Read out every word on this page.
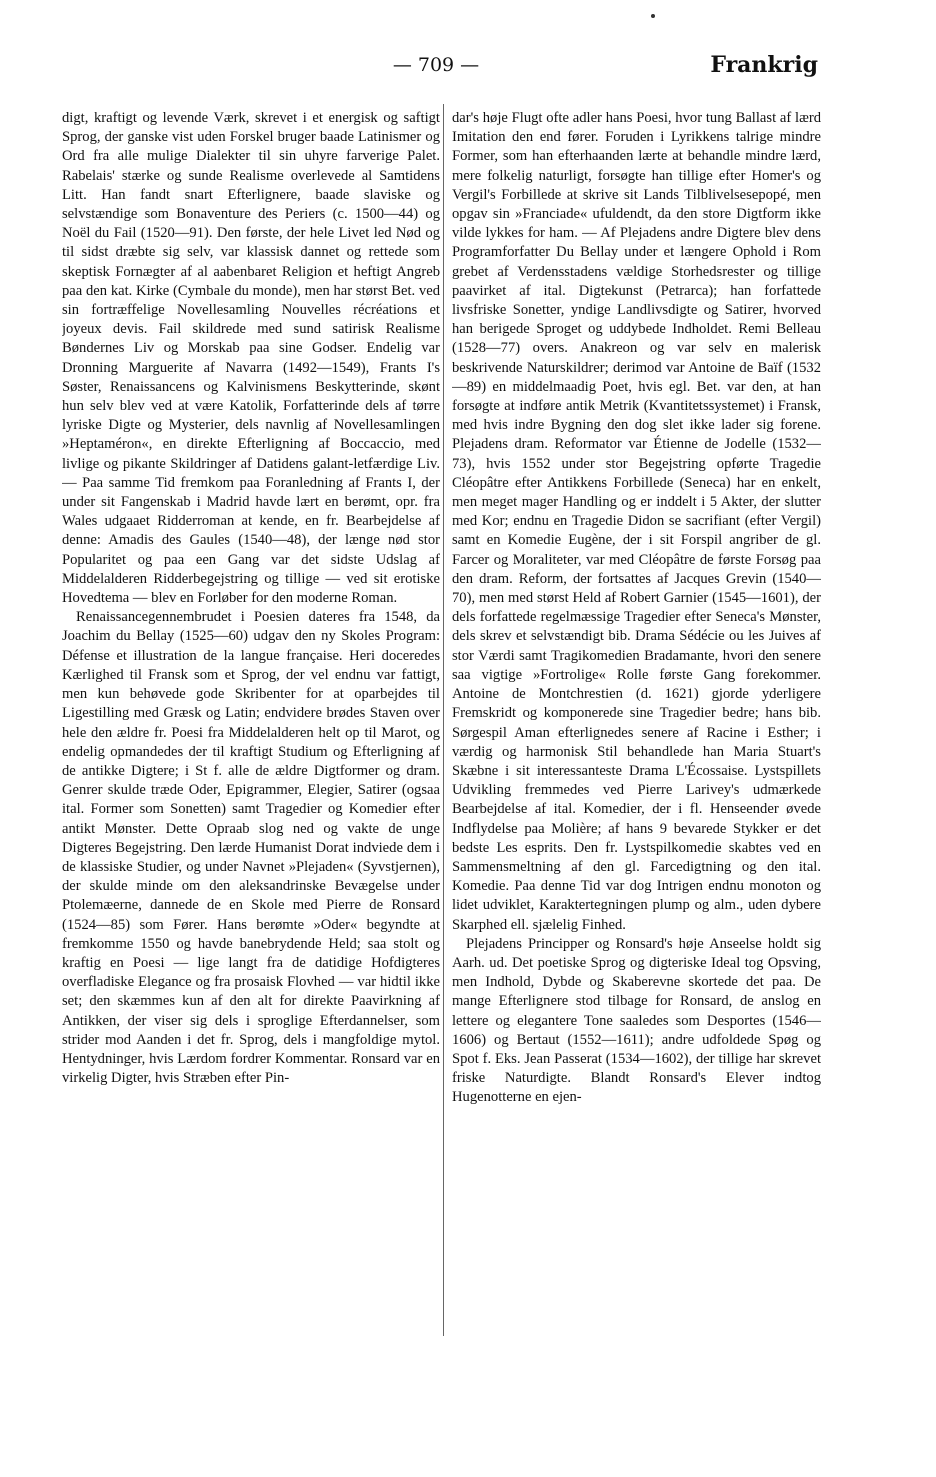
— 709 —	Frankrig

digt, kraftigt og levende Værk, skrevet i et energisk og saftigt Sprog, der ganske vist uden Forskel bruger baade Latinismer og Ord fra alle mulige Dialekter til sin uhyre farverige Palet. Rabelais' stærke og sunde Realisme overlevede al Samtidens Litt. Han fandt snart Efterlignere, baade slaviske og selvstændige som Bonaventure des Periers (c. 1500—44) og Noël du Fail (1520—91). Den første, der hele Livet led Nød og til sidst dræbte sig selv, var klassisk dannet og rettede som skeptisk Fornægter af al aabenbaret Religion et heftigt Angreb paa den kat. Kirke (Cymbale du monde), men har størst Bet. ved sin fortræffelige Novellesamling Nouvelles récréations et joyeux devis. Fail skildrede med sund satirisk Realisme Bøndernes Liv og Morskab paa sine Godser. Endelig var Dronning Marguerite af Navarra (1492—1549), Frants I's Søster, Renaissancens og Kalvinismens Beskytterinde, skønt hun selv blev ved at være Katolik, Forfatterinde dels af tørre lyriske Digte og Mysterier, dels navnlig af Novellesamlingen »Heptaméron«, en direkte Efterligning af Boccaccio, med livlige og pikante Skildringer af Datidens galant-letfærdige Liv. — Paa samme Tid fremkom paa Foranledning af Frants I, der under sit Fangenskab i Madrid havde lært en berømt, opr. fra Wales udgaaet Ridderroman at kende, en fr. Bearbejdelse af denne: Amadis des Gaules (1540—48), der længe nød stor Popularitet og paa een Gang var det sidste Udslag af Middelalderen Ridderbegejstring og tillige — ved sit erotiske Hovedtema — blev en Forløber for den moderne Roman.

Renaissancegennembrudet i Poesien dateres fra 1548, da Joachim du Bellay (1525—60) udgav den ny Skoles Program: Défense et illustration de la langue française. Heri doceredes Kærlighed til Fransk som et Sprog, der vel endnu var fattigt, men kun behøvede gode Skribenter for at oparbejdes til Ligestilling med Græsk og Latin; endvidere brødes Staven over hele den ældre fr. Poesi fra Middelalderen helt op til Marot, og endelig opmandedes der til kraftigt Studium og Efterligning af de antikke Digtere; i St f. alle de ældre Digtformer og dram. Genrer skulde træde Oder, Epigrammer, Elegier, Satirer (ogsaa ital. Former som Sonetten) samt Tragedier og Komedier efter antikt Mønster. Dette Opraab slog ned og vakte de unge Digteres Begejstring. Den lærde Humanist Dorat indviede dem i de klassiske Studier, og under Navnet »Plejaden« (Syvstjernen), der skulde minde om den aleksandrinske Bevægelse under Ptolemæerne, dannede de en Skole med Pierre de Ronsard (1524—85) som Fører. Hans berømte »Oder« begyndte at fremkomme 1550 og havde banebrydende Held; saa stolt og kraftig en Poesi — lige langt fra de datidige Hofdigteres overfladiske Elegance og fra prosaisk Flovhed — var hidtil ikke set; den skæmmes kun af den alt for direkte Paavirkning af Antikken, der viser sig dels i sproglige Efterdannelser, som strider mod Aanden i det fr. Sprog, dels i mangfoldige mytol. Hentydninger, hvis Lærdom fordrer Kommentar. Ronsard var en virkelig Digter, hvis Stræben efter Pin-

dar's høje Flugt ofte adler hans Poesi, hvor tung Ballast af lærd Imitation den end fører. Foruden i Lyrikkens talrige mindre Former, som han efterhaanden lærte at behandle mindre lærd, mere folkelig naturligt, forsøgte han tillige efter Homer's og Vergil's Forbillede at skrive sit Lands Tilblivelsesepopé, men opgav sin »Franciade« ufuldendt, da den store Digtform ikke vilde lykkes for ham. — Af Plejadens andre Digtere blev dens Programforfatter Du Bellay under et længere Ophold i Rom grebet af Verdensstadens vældige Storhedsrester og tillige paavirket af ital. Digtekunst (Petrarca); han forfattede livsfriske Sonetter, yndige Landlivsdigte og Satirer, hvorved han berigede Sproget og uddybede Indholdet. Remi Belleau (1528—77) overs. Anakreon og var selv en malerisk beskrivende Naturskildrer; derimod var Antoine de Baïf (1532—89) en middelmaadig Poet, hvis egl. Bet. var den, at han forsøgte at indføre antik Metrik (Kvantitetssystemet) i Fransk, med hvis indre Bygning den dog slet ikke lader sig forene. Plejadens dram. Reformator var Étienne de Jodelle (1532—73), hvis 1552 under stor Begejstring opførte Tragedie Cléopâtre efter Antikkens Forbillede (Seneca) har en enkelt, men meget mager Handling og er inddelt i 5 Akter, der slutter med Kor; endnu en Tragedie Didon se sacrifiant (efter Vergil) samt en Komedie Eugène, der i sit Forspil angriber de gl. Farcer og Moraliteter, var med Cléopâtre de første Forsøg paa den dram. Reform, der fortsattes af Jacques Grevin (1540—70), men med størst Held af Robert Garnier (1545—1601), der dels forfattede regelmæssige Tragedier efter Seneca's Mønster, dels skrev et selvstændigt bib. Drama Sédécie ou les Juives af stor Værdi samt Tragikomedien Bradamante, hvori den senere saa vigtige »Fortrolige« Rolle første Gang forekommer. Antoine de Montchrestien (d. 1621) gjorde yderligere Fremskridt og komponerede sine Tragedier bedre; hans bib. Sørgespil Aman efterlignedes senere af Racine i Esther; i værdig og harmonisk Stil behandlede han Maria Stuart's Skæbne i sit interessanteste Drama L'Écossaise. Lystspillets Udvikling fremmedes ved Pierre Larivey's udmærkede Bearbejdelse af ital. Komedier, der i fl. Henseender øvede Indflydelse paa Molière; af hans 9 bevarede Stykker er det bedste Les esprits. Den fr. Lystspilkomedie skabtes ved en Sammensmeltning af den gl. Farcedigtning og den ital. Komedie. Paa denne Tid var dog Intrigen endnu monoton og lidet udviklet, Karaktertegningen plump og alm., uden dybere Skarphed ell. sjælelig Finhed.

Plejadens Principper og Ronsard's høje Anseelse holdt sig Aarh. ud. Det poetiske Sprog og digteriske Ideal tog Opsving, men Indhold, Dybde og Skaberevne skortede det paa. De mange Efterlignere stod tilbage for Ronsard, de anslog en lettere og elegantere Tone saaledes som Desportes (1546—1606) og Bertaut (1552—1611); andre udfoldede Spøg og Spot f. Eks. Jean Passerat (1534—1602), der tillige har skrevet friske Naturdigte. Blandt Ronsard's Elever indtog Hugenotterne en ejen-
